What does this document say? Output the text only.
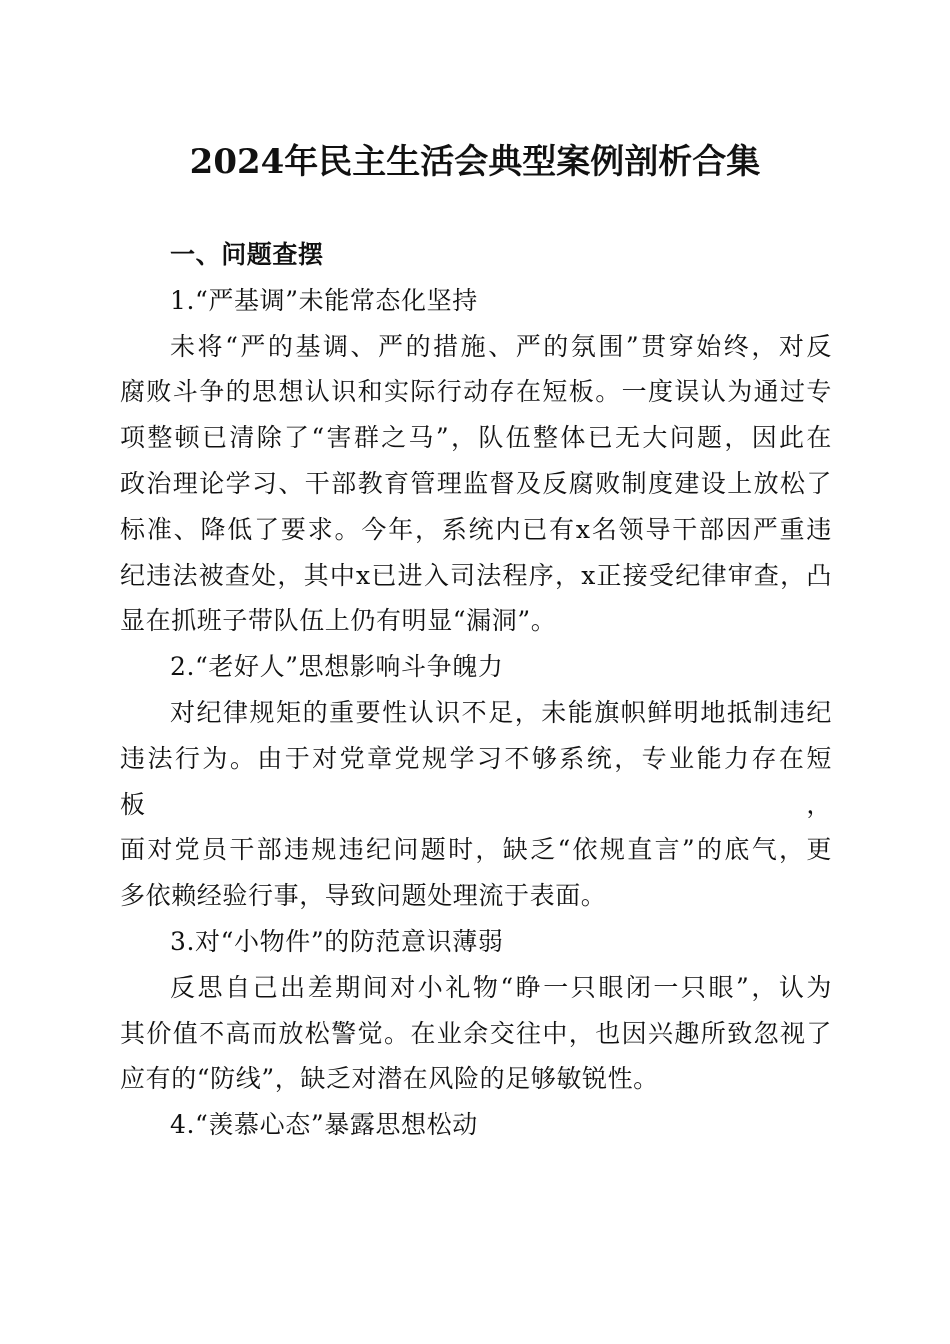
2024年民主生活会典型案例剖析合集
一、问题查摆
1.“严基调”未能常态化坚持
未将“严的基调、严的措施、严的氛围”贯穿始终，对反
腐败斗争的思想认识和实际行动存在短板。一度误认为通过专
项整顿已清除了“害群之马”，队伍整体已无大问题，因此在
政治理论学习、干部教育管理监督及反腐败制度建设上放松了
标准、降低了要求。今年，系统内已有x名领导干部因严重违
纪违法被查处，其中x已进入司法程序，x正接受纪律审查，凸
显在抓班子带队伍上仍有明显“漏洞”。
2.“老好人”思想影响斗争魄力
对纪律规矩的重要性认识不足，未能旗帜鲜明地抵制违纪
违法行为。由于对党章党规学习不够系统，专业能力存在短板，
面对党员干部违规违纪问题时，缺乏“依规直言”的底气，更
多依赖经验行事，导致问题处理流于表面。
3.对“小物件”的防范意识薄弱
反思自己出差期间对小礼物“睁一只眼闭一只眼”，认为
其价值不高而放松警觉。在业余交往中，也因兴趣所致忽视了
应有的“防线”，缺乏对潜在风险的足够敏锐性。
4.“羡慕心态”暴露思想松动
